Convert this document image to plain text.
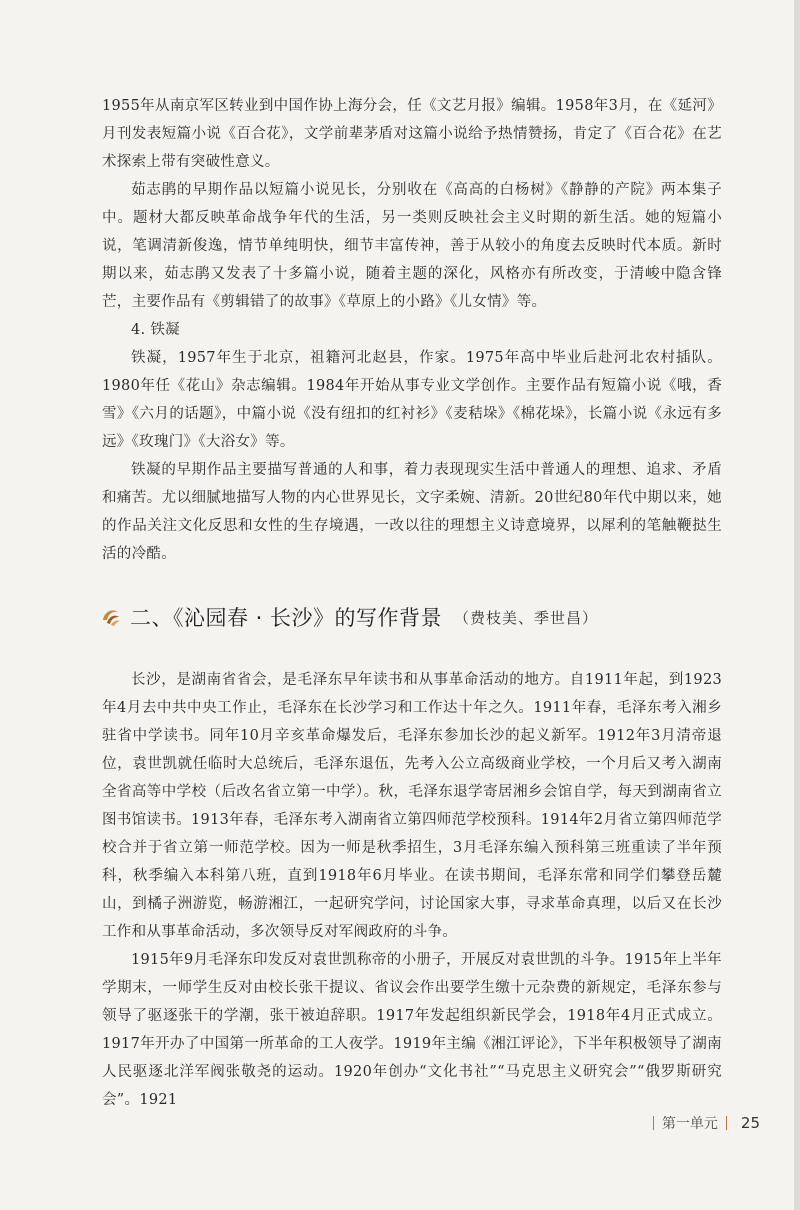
1955年从南京军区转业到中国作协上海分会，任《文艺月报》编辑。1958年3月，在《延河》月刊发表短篇小说《百合花》，文学前辈茅盾对这篇小说给予热情赞扬，肯定了《百合花》在艺术探索上带有突破性意义。

茹志鹃的早期作品以短篇小说见长，分别收在《高高的白杨树》《静静的产院》两本集子中。题材大都反映革命战争年代的生活，另一类则反映社会主义时期的新生活。她的短篇小说，笔调清新俊逸，情节单纯明快，细节丰富传神，善于从较小的角度去反映时代本质。新时期以来，茹志鹃又发表了十多篇小说，随着主题的深化，风格亦有所改变，于清峻中隐含锋芒，主要作品有《剪辑错了的故事》《草原上的小路》《儿女情》等。

4. 铁凝

铁凝，1957年生于北京，祖籍河北赵县，作家。1975年高中毕业后赴河北农村插队。1980年任《花山》杂志编辑。1984年开始从事专业文学创作。主要作品有短篇小说《哦，香雪》《六月的话题》，中篇小说《没有纽扣的红衬衫》《麦秸垛》《棉花垛》，长篇小说《永远有多远》《玫瑰门》《大浴女》等。

铁凝的早期作品主要描写普通的人和事，着力表现现实生活中普通人的理想、追求、矛盾和痛苦。尤以细腻地描写人物的内心世界见长，文字柔婉、清新。20世纪80年代中期以来，她的作品关注文化反思和女性的生存境遇，一改以往的理想主义诗意境界，以犀利的笔触鞭挞生活的冷酷。

二、《沁园春 · 长沙》的写作背景 （费枝美、季世昌）

长沙，是湖南省省会，是毛泽东早年读书和从事革命活动的地方。自1911年起，到1923年4月去中共中央工作止，毛泽东在长沙学习和工作达十年之久。1911年春，毛泽东考入湘乡驻省中学读书。同年10月辛亥革命爆发后，毛泽东参加长沙的起义新军。1912年3月清帝退位，袁世凯就任临时大总统后，毛泽东退伍，先考入公立高级商业学校，一个月后又考入湖南全省高等中学校（后改名省立第一中学）。秋，毛泽东退学寄居湘乡会馆自学，每天到湖南省立图书馆读书。1913年春，毛泽东考入湖南省立第四师范学校预科。1914年2月省立第四师范学校合并于省立第一师范学校。因为一师是秋季招生，3月毛泽东编入预科第三班重读了半年预科，秋季编入本科第八班，直到1918年6月毕业。在读书期间，毛泽东常和同学们攀登岳麓山，到橘子洲游览，畅游湘江，一起研究学问，讨论国家大事，寻求革命真理，以后又在长沙工作和从事革命活动，多次领导反对军阀政府的斗争。

1915年9月毛泽东印发反对袁世凯称帝的小册子，开展反对袁世凯的斗争。1915年上半年学期末，一师学生反对由校长张干提议、省议会作出要学生缴十元杂费的新规定，毛泽东参与领导了驱逐张干的学潮，张干被迫辞职。1917年发起组织新民学会，1918年4月正式成立。1917年开办了中国第一所革命的工人夜学。1919年主编《湘江评论》，下半年积极领导了湖南人民驱逐北洋军阀张敬尧的运动。1920年创办“文化书社”“马克思主义研究会”“俄罗斯研究会”。1921

第一单元 25
